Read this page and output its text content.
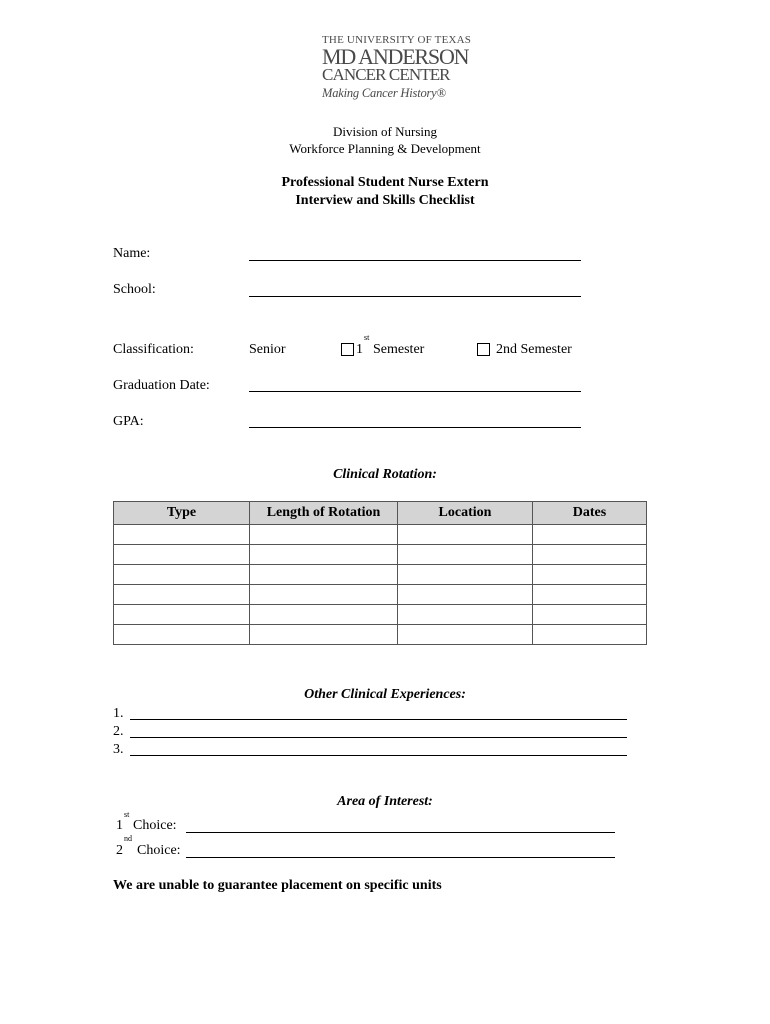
THE UNIVERSITY OF TEXAS
MD ANDERSON
CANCER CENTER
Making Cancer History®
Division of Nursing
Workforce Planning & Development
Professional Student Nurse Extern
Interview and Skills Checklist
Name:
School:
Classification:	Senior
st
1 Semester	2nd Semester
Graduation Date:
GPA:
Clinical Rotation:
Type	Length of Rotation	Location	Dates

Other Clinical Experiences:
1.
2.
3.
Area of Interest:
st
1 Choice:
nd
2 Choice:
We are unable to guarantee placement on specific units
